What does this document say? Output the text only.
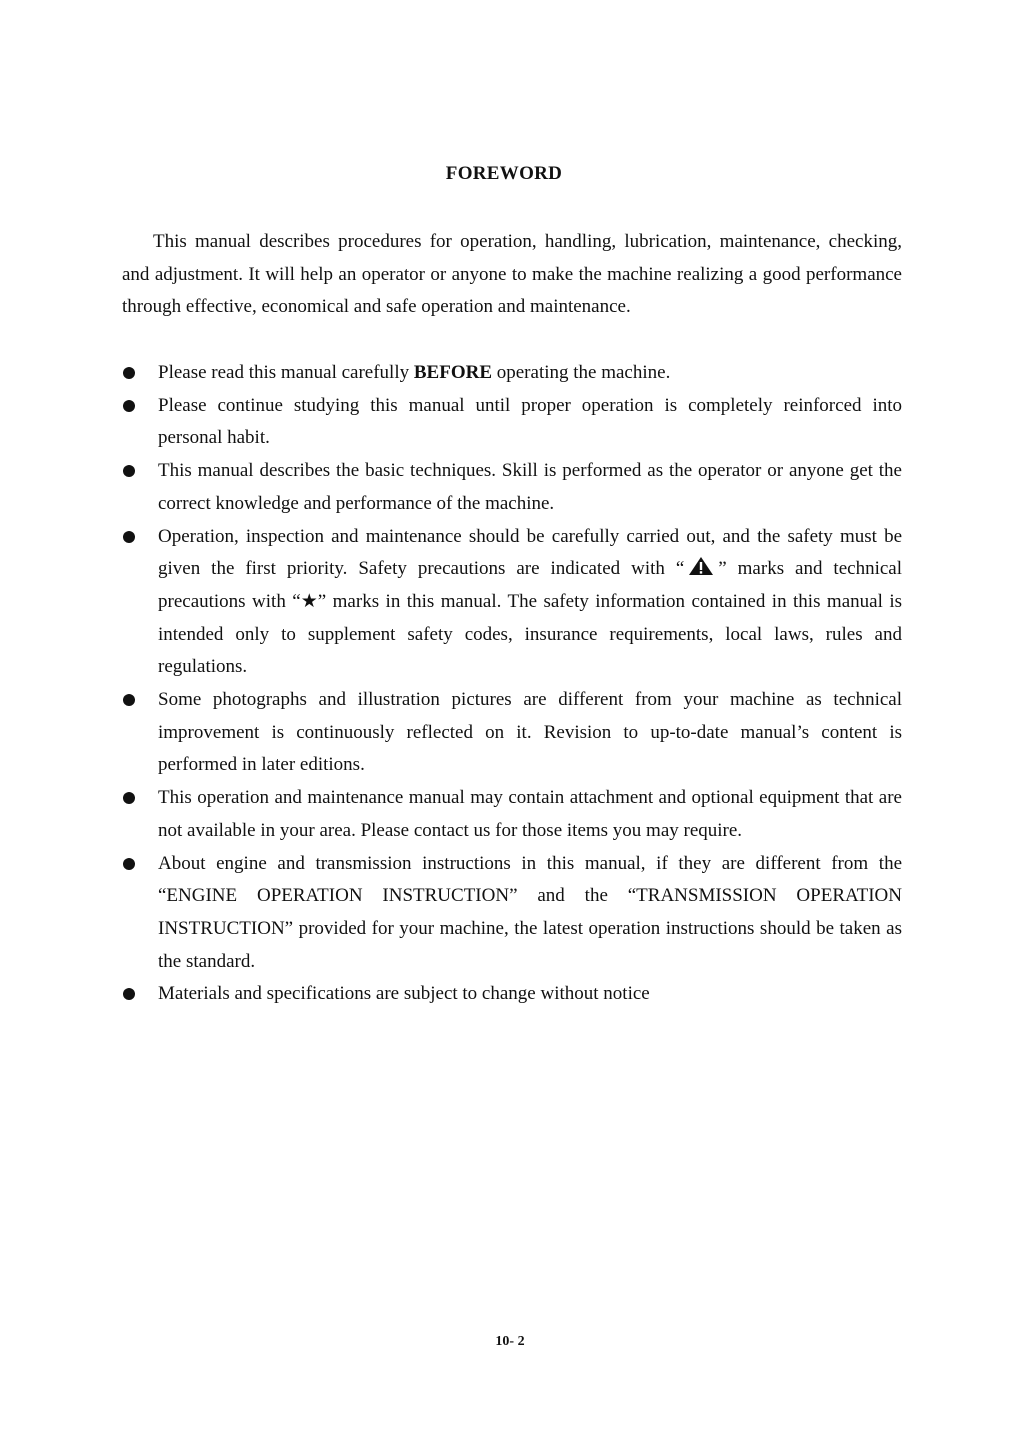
FOREWORD

This manual describes procedures for operation, handling, lubrication, maintenance, checking, and adjustment. It will help an operator or anyone to make the machine realizing a good performance through effective, economical and safe operation and maintenance.

Please read this manual carefully BEFORE operating the machine.
Please continue studying this manual until proper operation is completely reinforced into personal habit.
This manual describes the basic techniques. Skill is performed as the operator or anyone get the correct knowledge and performance of the machine.
Operation, inspection and maintenance should be carefully carried out, and the safety must be given the first priority. Safety precautions are indicated with “ ” marks and technical precautions with “★” marks in this manual. The safety information contained in this manual is intended only to supplement safety codes, insurance requirements, local laws, rules and regulations.
Some photographs and illustration pictures are different from your machine as technical improvement is continuously reflected on it. Revision to up-to-date manual’s content is performed in later editions.
This operation and maintenance manual may contain attachment and optional equipment that are not available in your area. Please contact us for those items you may require.
About engine and transmission instructions in this manual, if they are different from the “ENGINE OPERATION INSTRUCTION” and the “TRANSMISSION OPERATION INSTRUCTION” provided for your machine, the latest operation instructions should be taken as the standard.
Materials and specifications are subject to change without notice
10- 2
